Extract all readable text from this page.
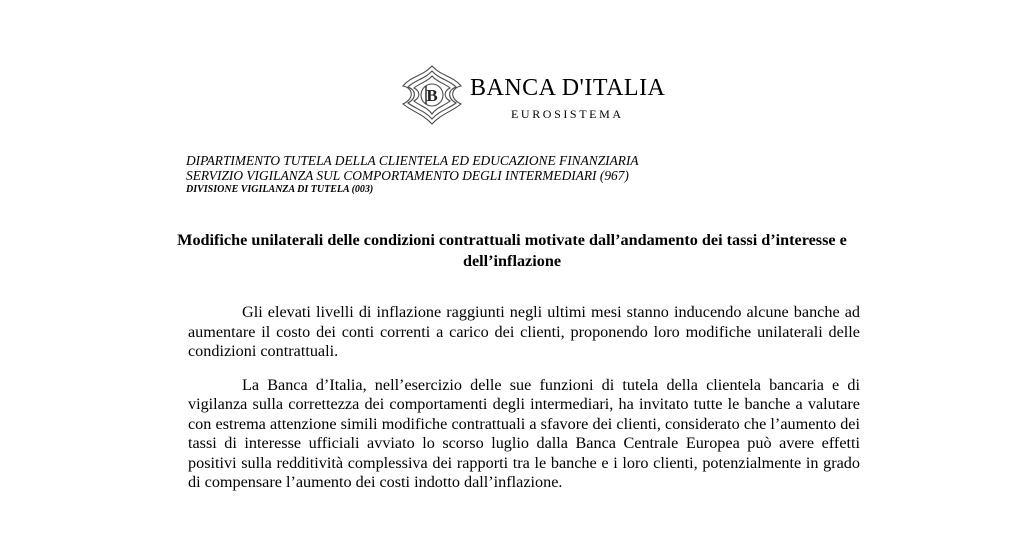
B BANCA D'ITALIA
EUROSISTEMA
DIPARTIMENTO TUTELA DELLA CLIENTELA ED EDUCAZIONE FINANZIARIA
SERVIZIO VIGILANZA SUL COMPORTAMENTO DEGLI INTERMEDIARI (967)
DIVISIONE VIGILANZA DI TUTELA (003)
Modifiche unilaterali delle condizioni contrattuali motivate dall’andamento dei tassi d’interesse e dell’inflazione

Gli elevati livelli di inflazione raggiunti negli ultimi mesi stanno inducendo alcune banche ad aumentare il costo dei conti correnti a carico dei clienti, proponendo loro modifiche unilaterali delle condizioni contrattuali.

La Banca d’Italia, nell’esercizio delle sue funzioni di tutela della clientela bancaria e di vigilanza sulla correttezza dei comportamenti degli intermediari, ha invitato tutte le banche a valutare con estrema attenzione simili modifiche contrattuali a sfavore dei clienti, considerato che l’aumento dei tassi di interesse ufficiali avviato lo scorso luglio dalla Banca Centrale Europea può avere effetti positivi sulla redditività complessiva dei rapporti tra le banche e i loro clienti, potenzialmente in grado di compensare l’aumento dei costi indotto dall’inflazione.
